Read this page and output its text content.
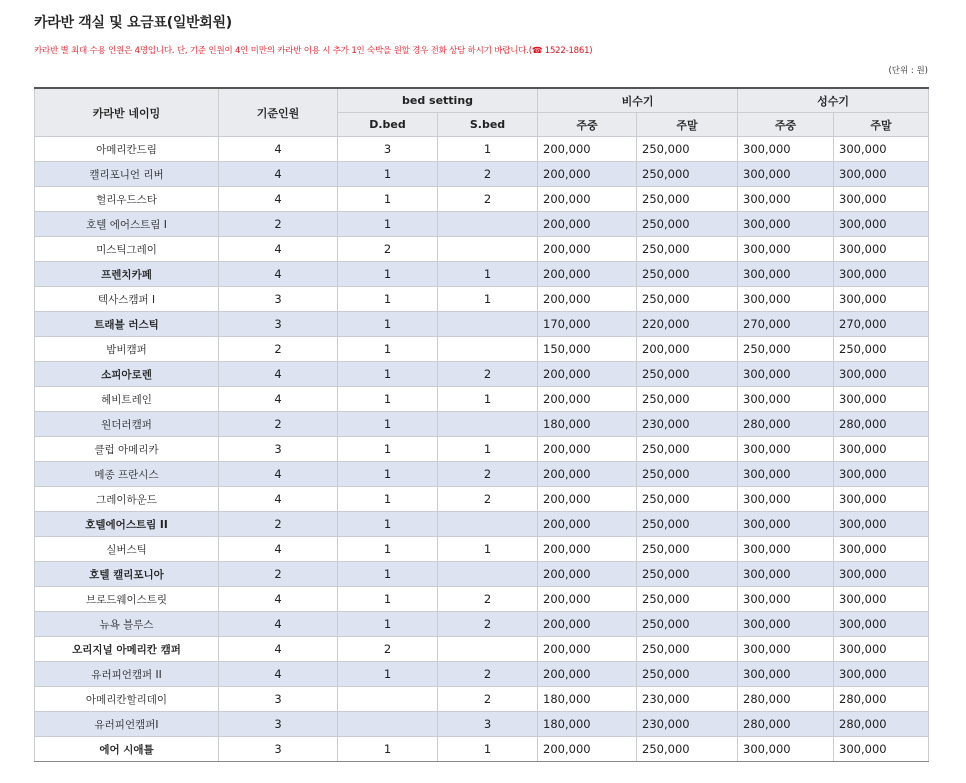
카라반 객실 및 요금표(일반회원)
카라반 별 최대 수용 인원은 4명입니다. 단, 기준 인원이 4인 미만의 카라반 이용 시 추가 1인 숙박을 원할 경우 전화 상담 하시기 바랍니다.(☎ 1522-1861)
(단위 : 원)
카라반 네이밍	기준인원	bed setting		비수기		성수기	
		D.bed	S.bed	주중	주말	주중	주말
아메리칸드림	4	3	1	200,000	250,000	300,000	300,000
캘리포니언 리버	4	1	2	200,000	250,000	300,000	300,000
헐리우드스타	4	1	2	200,000	250,000	300,000	300,000
호텔 에어스트림 I	2	1		200,000	250,000	300,000	300,000
미스틱그레이	4	2		200,000	250,000	300,000	300,000
프렌치카페	4	1	1	200,000	250,000	300,000	300,000
텍사스캠퍼 I	3	1	1	200,000	250,000	300,000	300,000
트래블 러스틱	3	1		170,000	220,000	270,000	270,000
밤비캠퍼	2	1		150,000	200,000	250,000	250,000
소피아로렌	4	1	2	200,000	250,000	300,000	300,000
헤비트레인	4	1	1	200,000	250,000	300,000	300,000
원더러캠퍼	2	1		180,000	230,000	280,000	280,000
클럽 아메리카	3	1	1	200,000	250,000	300,000	300,000
메종 프란시스	4	1	2	200,000	250,000	300,000	300,000
그레이하운드	4	1	2	200,000	250,000	300,000	300,000
호텔에어스트림 II	2	1		200,000	250,000	300,000	300,000
실버스틱	4	1	1	200,000	250,000	300,000	300,000
호텔 캘리포니아	2	1		200,000	250,000	300,000	300,000
브로드웨이스트릿	4	1	2	200,000	250,000	300,000	300,000
뉴욕 블루스	4	1	2	200,000	250,000	300,000	300,000
오리지널 아메리칸 캠퍼	4	2		200,000	250,000	300,000	300,000
유러피언캠퍼 II	4	1	2	200,000	250,000	300,000	300,000
아메리칸할리데이	3		2	180,000	230,000	280,000	280,000
유러피언캠퍼I	3		3	180,000	230,000	280,000	280,000
에어 시애틀	3	1	1	200,000	250,000	300,000	300,000
